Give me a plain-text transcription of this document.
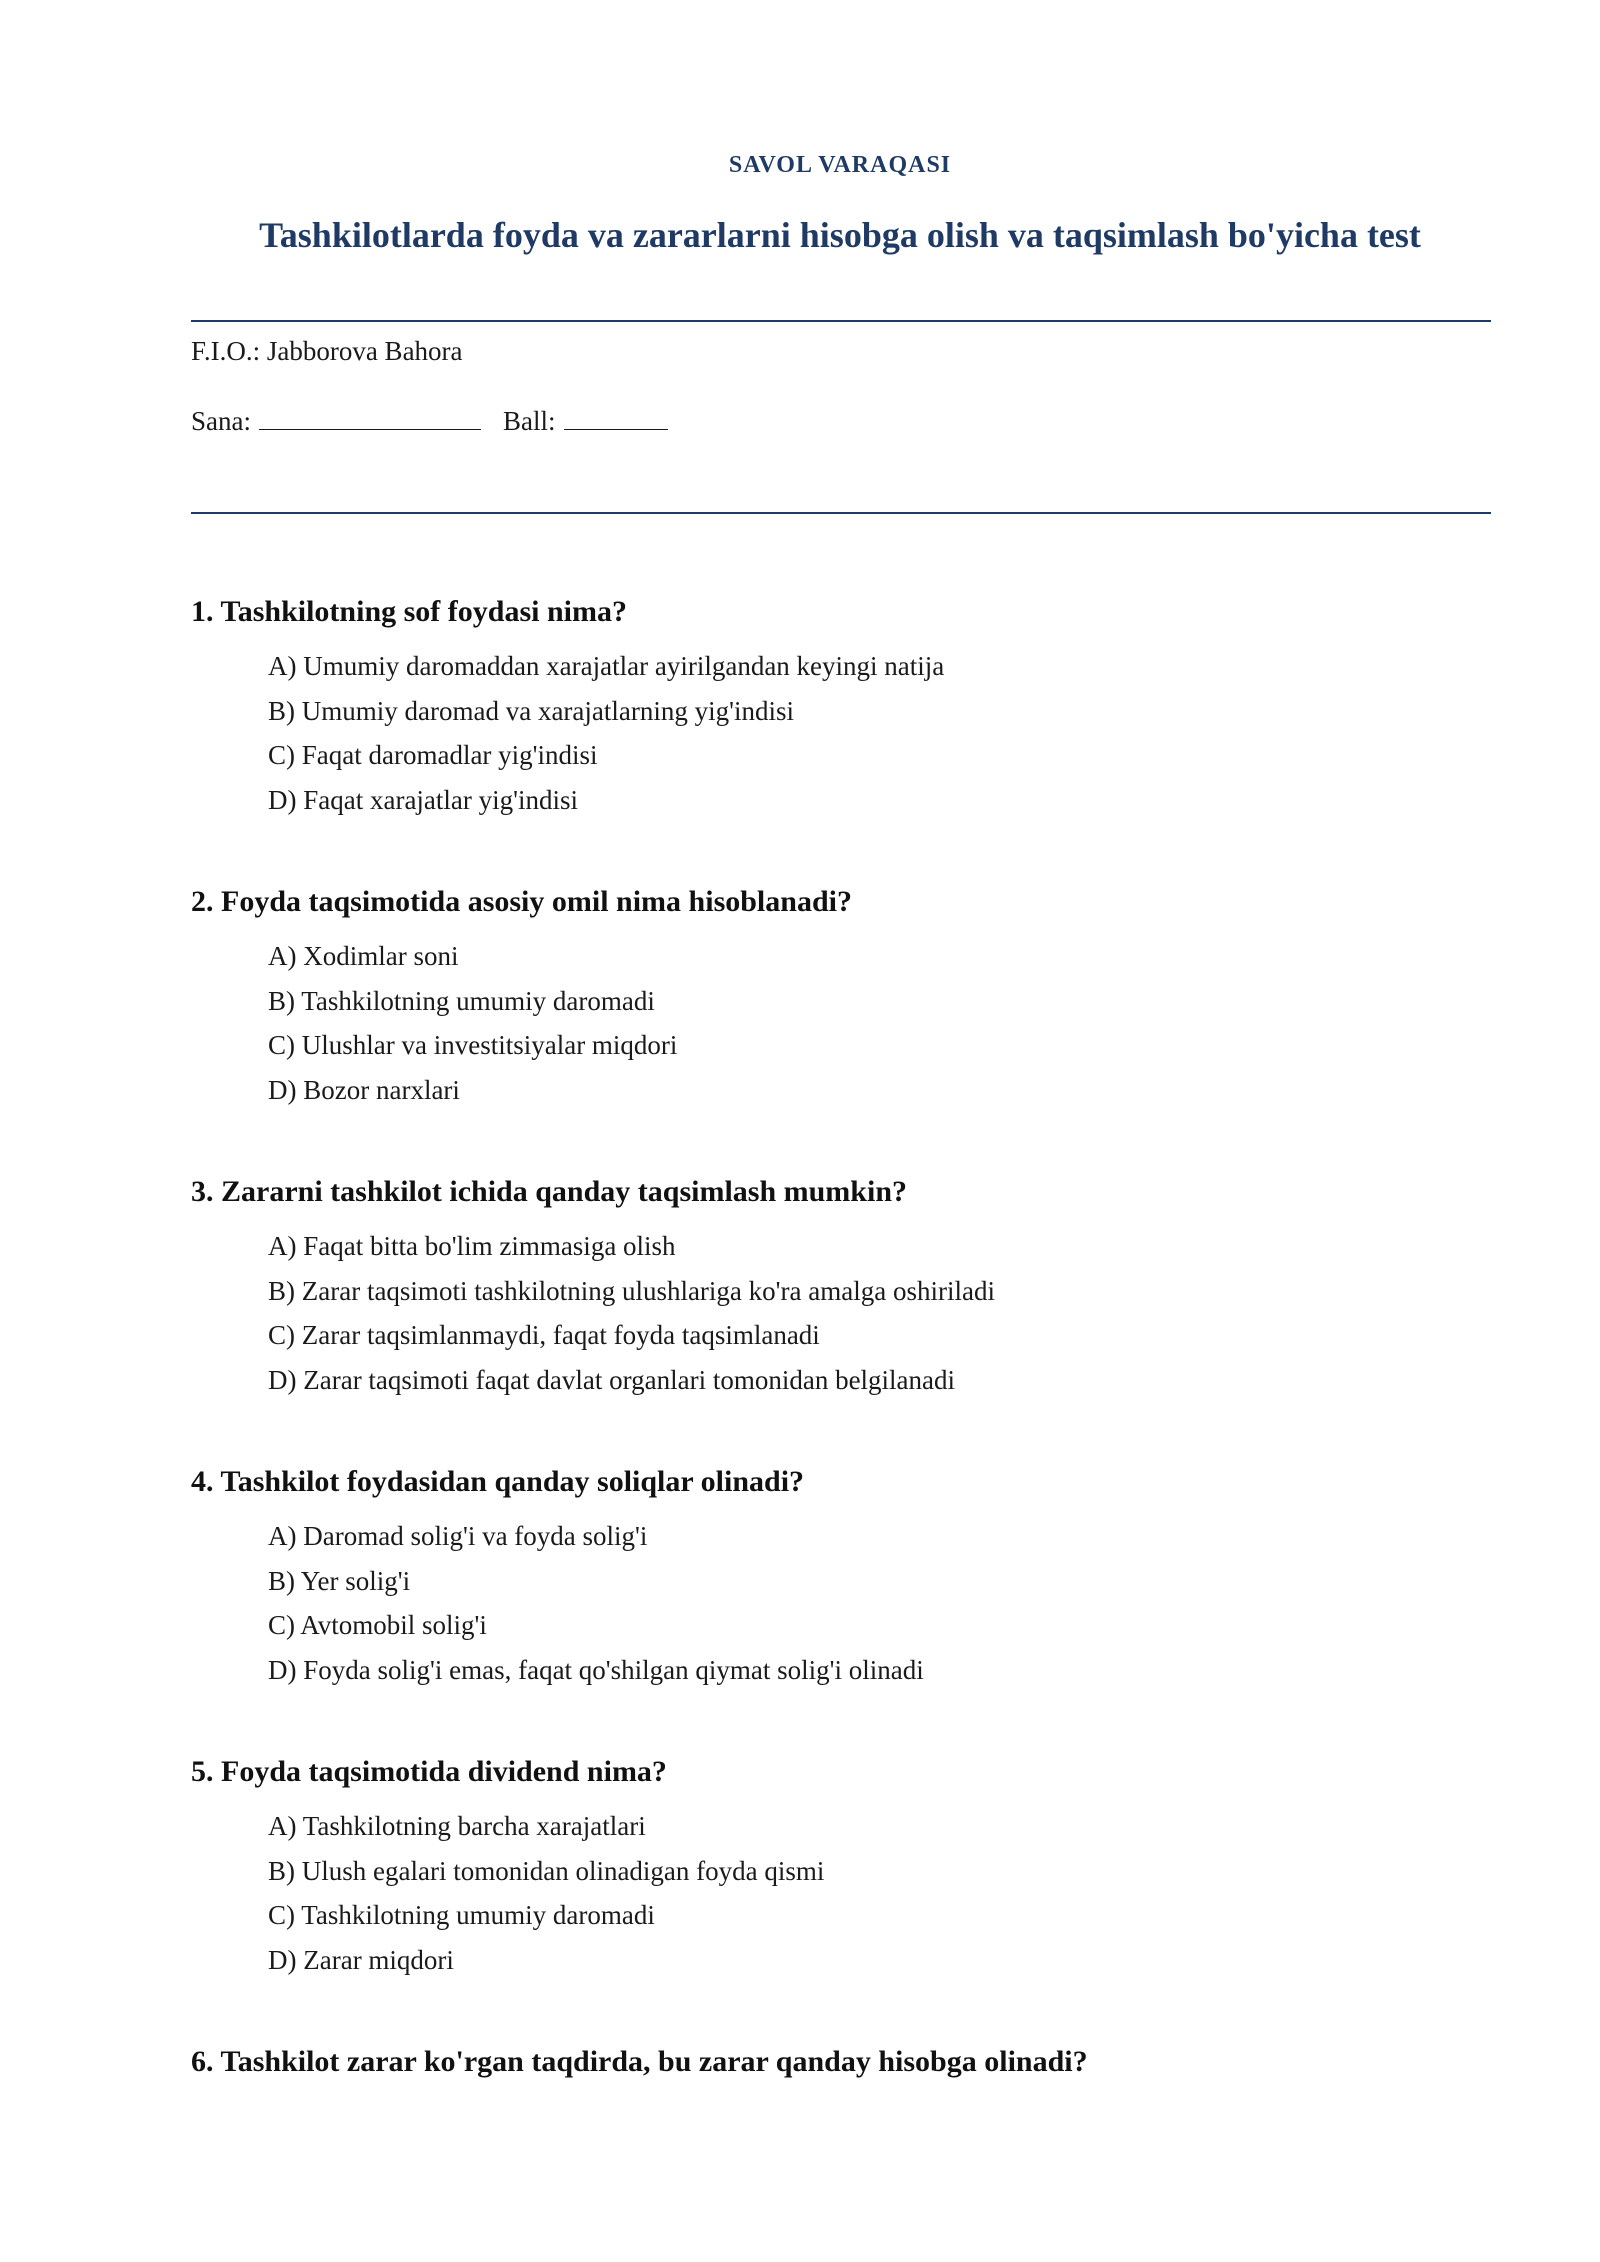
SAVOL VARAQASI
Tashkilotlarda foyda va zararlarni hisobga olish va taqsimlash bo'yicha test
F.I.O.: Jabborova Bahora
Sana:	Ball:
1. Tashkilotning sof foydasi nima?
A) Umumiy daromaddan xarajatlar ayirilgandan keyingi natija
B) Umumiy daromad va xarajatlarning yig'indisi
C) Faqat daromadlar yig'indisi
D) Faqat xarajatlar yig'indisi
2. Foyda taqsimotida asosiy omil nima hisoblanadi?
A) Xodimlar soni
B) Tashkilotning umumiy daromadi
C) Ulushlar va investitsiyalar miqdori
D) Bozor narxlari
3. Zararni tashkilot ichida qanday taqsimlash mumkin?
A) Faqat bitta bo'lim zimmasiga olish
B) Zarar taqsimoti tashkilotning ulushlariga ko'ra amalga oshiriladi
C) Zarar taqsimlanmaydi, faqat foyda taqsimlanadi
D) Zarar taqsimoti faqat davlat organlari tomonidan belgilanadi
4. Tashkilot foydasidan qanday soliqlar olinadi?
A) Daromad solig'i va foyda solig'i
B) Yer solig'i
C) Avtomobil solig'i
D) Foyda solig'i emas, faqat qo'shilgan qiymat solig'i olinadi
5. Foyda taqsimotida dividend nima?
A) Tashkilotning barcha xarajatlari
B) Ulush egalari tomonidan olinadigan foyda qismi
C) Tashkilotning umumiy daromadi
D) Zarar miqdori
6. Tashkilot zarar ko'rgan taqdirda, bu zarar qanday hisobga olinadi?
